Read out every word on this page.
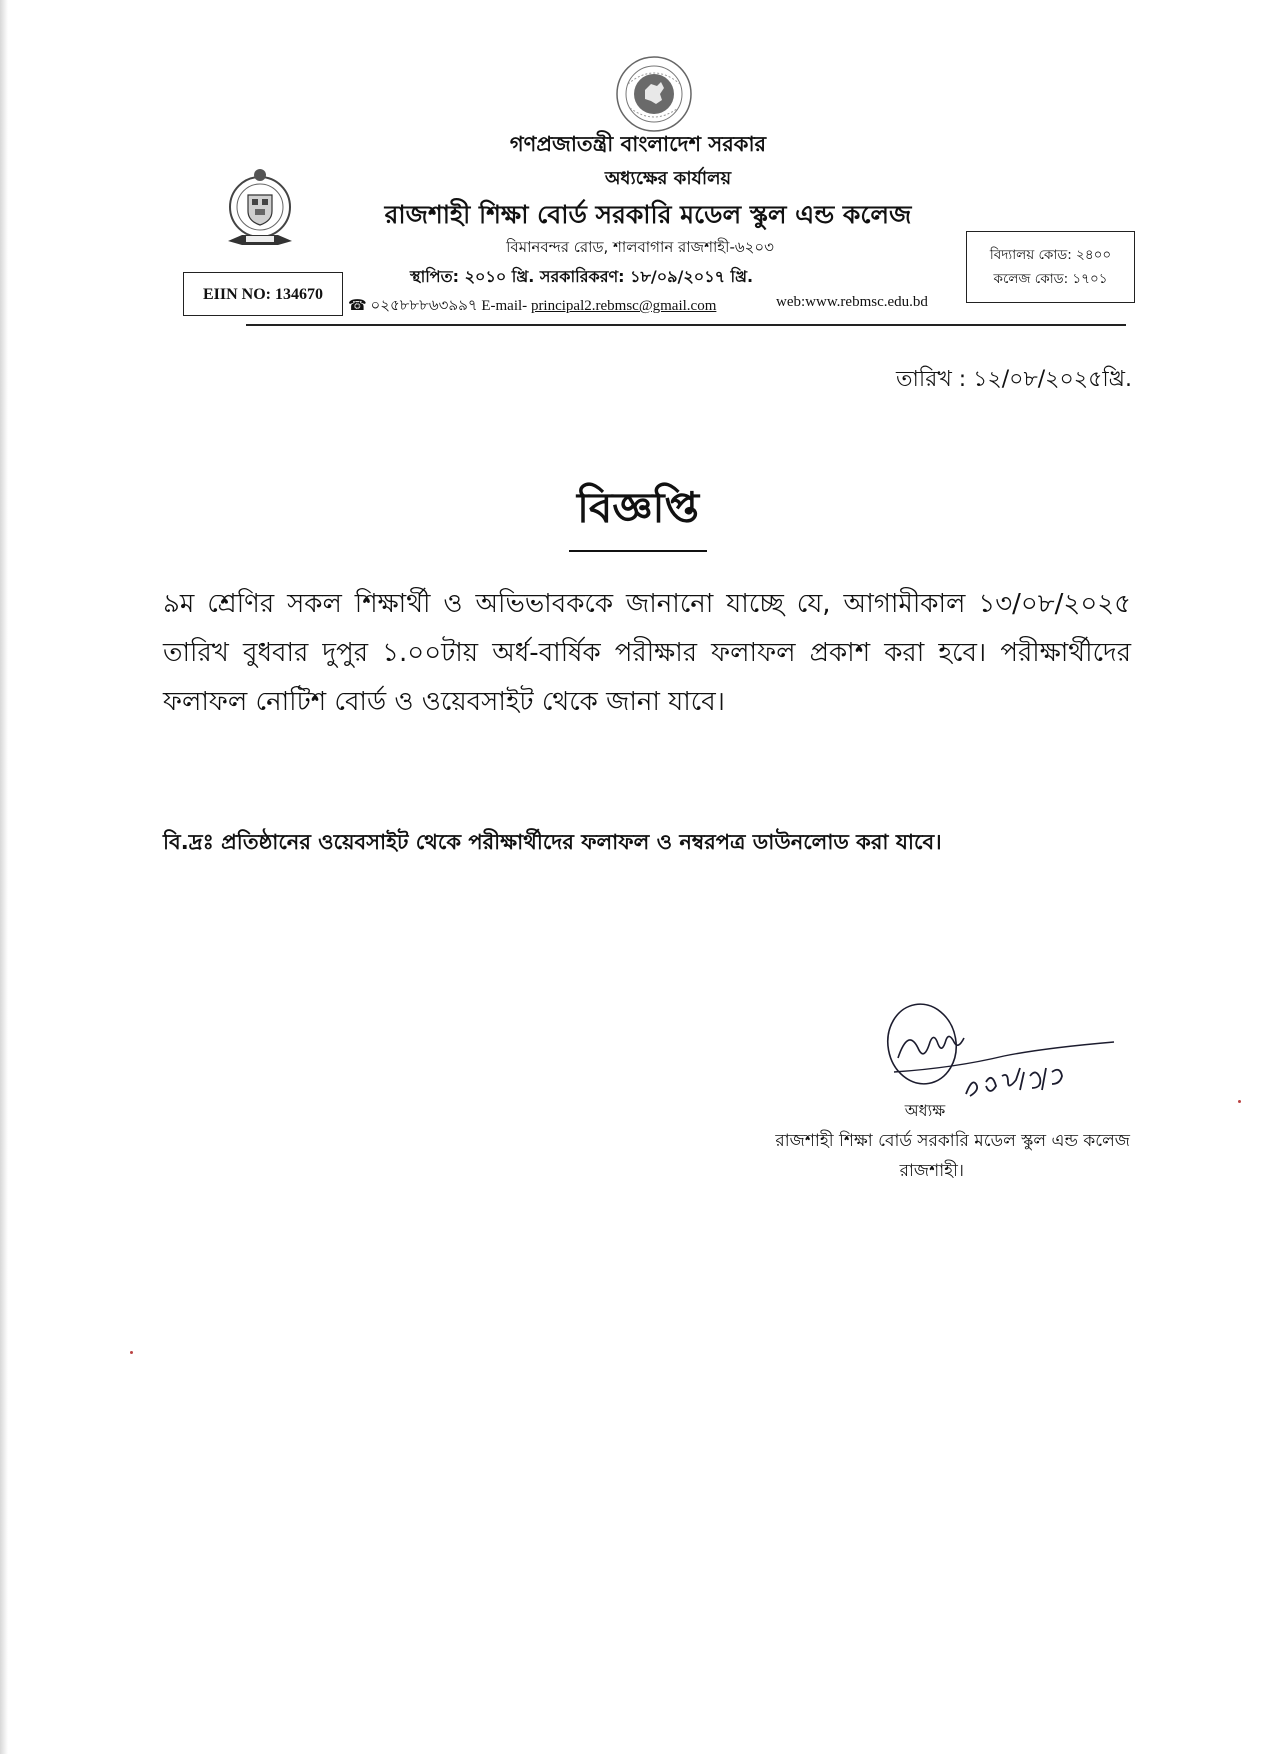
গণপ্রজাতন্ত্রী বাংলাদেশ সরকার
অধ্যক্ষের কার্যালয়
রাজশাহী শিক্ষা বোর্ড সরকারি মডেল স্কুল এন্ড কলেজ
বিমানবন্দর রোড, শালবাগান রাজশাহী-৬২০৩
স্থাপিত: ২০১০ খ্রি. সরকারিকরণ: ১৮/০৯/২০১৭ খ্রি.
EIIN NO: 134670
বিদ্যালয় কোড: ২৪০০
কলেজ কোড: ১৭০১
☎ ০২৫৮৮৮৬৩৯৯৭ E-mail- principal2.rebmsc@gmail.com	web:www.rebmsc.edu.bd
তারিখ : ১২/০৮/২০২৫খ্রি.
বিজ্ঞপ্তি
৯ম শ্রেণির সকল শিক্ষার্থী ও অভিভাবককে জানানো যাচ্ছে যে, আগামীকাল ১৩/০৮/২০২৫ তারিখ বুধবার দুপুর ১.০০টায় অর্ধ-বার্ষিক পরীক্ষার ফলাফল প্রকাশ করা হবে। পরীক্ষার্থীদের ফলাফল নোটিশ বোর্ড ও ওয়েবসাইট থেকে জানা যাবে।
বি.দ্রঃ প্রতিষ্ঠানের ওয়েবসাইট থেকে পরীক্ষার্থীদের ফলাফল ও নম্বরপত্র ডাউনলোড করা যাবে।
অধ্যক্ষ
রাজশাহী শিক্ষা বোর্ড সরকারি মডেল স্কুল এন্ড কলেজ
রাজশাহী।
